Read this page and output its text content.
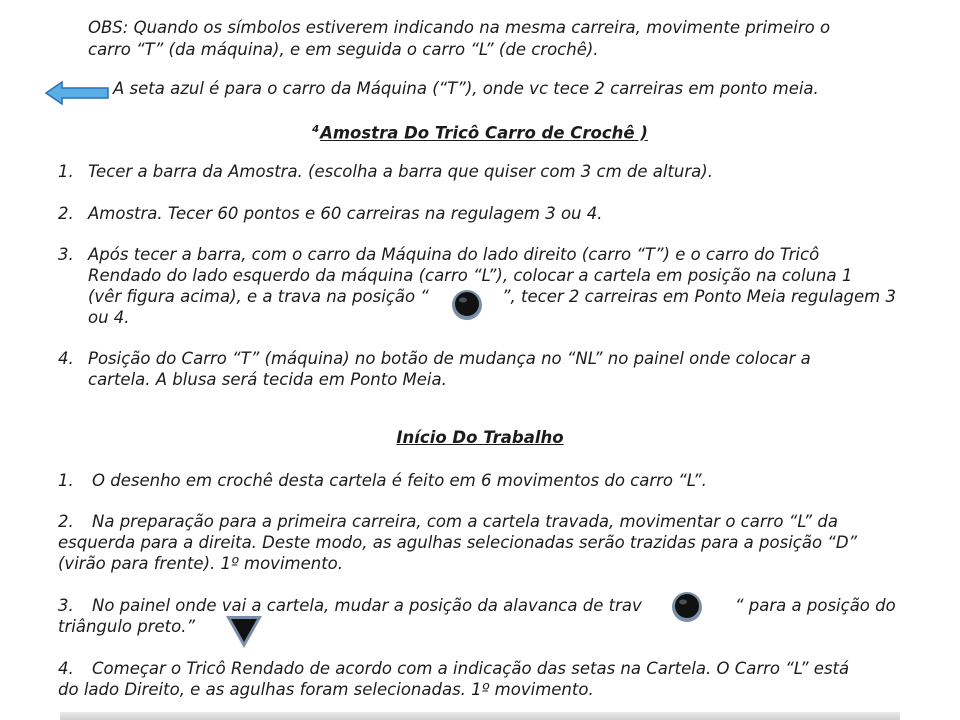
OBS: Quando os símbolos estiverem indicando na mesma carreira, movimente primeiro o

carro “T” (da máquina), e em seguida o carro “L” (de crochê).

A seta azul é para o carro da Máquina (“T”), onde vc tece 2 carreiras em ponto meia.

$^4$Amostra Do Tricô Carro de Crochê )
1. Tecer a barra da Amostra. (escolha a barra que quiser com 3 cm de altura).

2. Amostra. Tecer 60 pontos e 60 carreiras na regulagem 3 ou 4.

3. Após tecer a barra, com o carro da Máquina do lado direito (carro “T”) e o carro do Tricô

Rendado do lado esquerdo da máquina (carro “L”), colocar a cartela em posição na coluna 1

(vêr figura acima), e a trava na posição “	”, tecer 2 carreiras em Ponto Meia regulagem 3

ou 4.

4. Posição do Carro “T” (máquina) no botão de mudança no “NL” no painel onde colocar a

cartela. A blusa será tecida em Ponto Meia.

Início Do Trabalho
1. O desenho em crochê desta cartela é feito em 6 movimentos do carro “L”.

2. Na preparação para a primeira carreira, com a cartela travada, movimentar o carro “L” da

esquerda para a direita. Deste modo, as agulhas selecionadas serão trazidas para a posição “D”

(virão para frente). 1º movimento.

3. No painel onde vai a cartela, mudar a posição da alavanca de trav	“ para a posição do

triângulo preto.”

4. Começar o Tricô Rendado de acordo com a indicação das setas na Cartela. O Carro “L” está

do lado Direito, e as agulhas foram selecionadas. 1º movimento.
